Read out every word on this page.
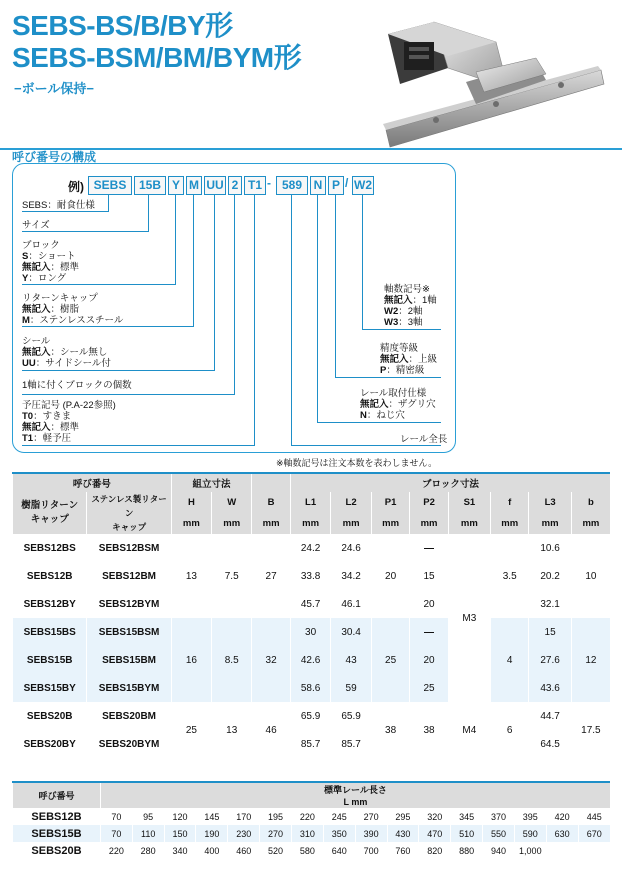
SEBS-BS/B/BY形
SEBS-BSM/BM/BYM形
−ボール保持−
呼び番号の構成
例) SEBS	15B Y M UU 2 T1 - 589 N P / W2
SEBS：耐食仕様
サイズ
ブロック
S：ショート
無記入：標準
Y：ロング
リターンキャップ
無記入：樹脂
M：ステンレススチール
シール
無記入：シール無し
UU：サイドシール付
1軸に付くブロックの個数
予圧記号 (P.A-22参照)
T0：すきま
無記入：標準
T1：軽予圧
軸数記号※
無記入：1軸
W2：2軸
W3：3軸
精度等級
無記入：上級
P：精密級
レール取付仕様
無記入：ザグリ穴
N：ねじ穴
レール全長
※軸数記号は注文本数を表わしません。
呼び番号		組立寸法			ブロック寸法							
樹脂リターン
キャップ	ステンレス製リターン
キャップ	H	W	B	L1	L2	P1	P2	S1	f	L3	b
		mm	mm	mm	mm	mm	mm	mm	mm	mm	mm	mm
SEBS12BS	SEBS12BSM	13	7.5	27	24.2	24.6	20	—	M3	3.5	10.6	10
SEBS12B	SEBS12BM				33.8	34.2		15			20.2	
SEBS12BY	SEBS12BYM				45.7	46.1		20			32.1	
SEBS15BS	SEBS15BSM	16	8.5	32	30	30.4	25	—		4	15	12
SEBS15B	SEBS15BM				42.6	43		20			27.6	
SEBS15BY	SEBS15BYM				58.6	59		25			43.6	
SEBS20B	SEBS20BM	25	13	46	65.9	65.9	38	38	M4	6	44.7	17.5
SEBS20BY	SEBS20BYM				85.7	85.7					64.5	
呼び番号	標準レール長さ															
	L mm															
SEBS12B	70	95	120	145	170	195	220	245	270	295	320	345	370	395	420	445
SEBS15B	70	110	150	190	230	270	310	350	390	430	470	510	550	590	630	670
SEBS20B	220	280	340	400	460	520	580	640	700	760	820	880	940	1,000		
